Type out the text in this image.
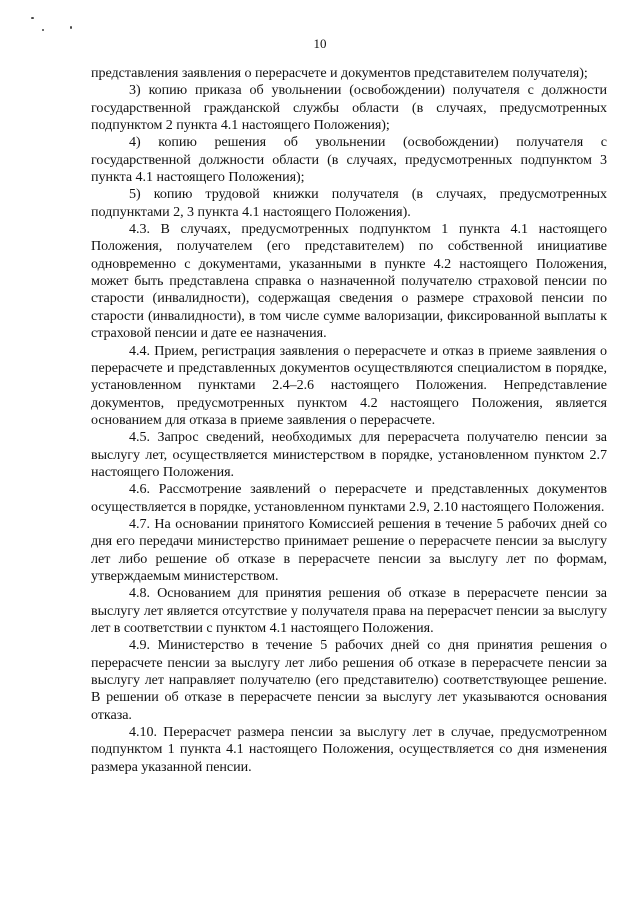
10

представления заявления о перерасчете и документов представителем получателя);

3) копию приказа об увольнении (освобождении) получателя с должности государственной гражданской службы области (в случаях, предусмотренных подпунктом 2 пункта 4.1 настоящего Положения);

4) копию решения об увольнении (освобождении) получателя с государственной должности области (в случаях, предусмотренных подпунктом 3 пункта 4.1 настоящего Положения);

5) копию трудовой книжки получателя (в случаях, предусмотренных подпунктами 2, 3 пункта 4.1 настоящего Положения).

4.3. В случаях, предусмотренных подпунктом 1 пункта 4.1 настоящего Положения, получателем (его представителем) по собственной инициативе одновременно с документами, указанными в пункте 4.2 настоящего Положения, может быть представлена справка о назначенной получателю страховой пенсии по старости (инвалидности), содержащая сведения о размере страховой пенсии по старости (инвалидности), в том числе сумме валоризации, фиксированной выплаты к страховой пенсии и дате ее назначения.

4.4. Прием, регистрация заявления о перерасчете и отказ в приеме заявления о перерасчете и представленных документов осуществляются специалистом в порядке, установленном пунктами 2.4–2.6 настоящего Положения. Непредставление документов, предусмотренных пунктом 4.2 настоящего Положения, является основанием для отказа в приеме заявления о перерасчете.

4.5. Запрос сведений, необходимых для перерасчета получателю пенсии за выслугу лет, осуществляется министерством в порядке, установленном пунктом 2.7 настоящего Положения.

4.6. Рассмотрение заявлений о перерасчете и представленных документов осуществляется в порядке, установленном пунктами 2.9, 2.10 настоящего Положения.

4.7. На основании принятого Комиссией решения в течение 5 рабочих дней со дня его передачи министерство принимает решение о перерасчете пенсии за выслугу лет либо решение об отказе в перерасчете пенсии за выслугу лет по формам, утверждаемым министерством.

4.8. Основанием для принятия решения об отказе в перерасчете пенсии за выслугу лет является отсутствие у получателя права на перерасчет пенсии за выслугу лет в соответствии с пунктом 4.1 настоящего Положения.

4.9. Министерство в течение 5 рабочих дней со дня принятия решения о перерасчете пенсии за выслугу лет либо решения об отказе в перерасчете пенсии за выслугу лет направляет получателю (его представителю) соответствующее решение. В решении об отказе в перерасчете пенсии за выслугу лет указываются основания отказа.

4.10. Перерасчет размера пенсии за выслугу лет в случае, предусмотренном подпунктом 1 пункта 4.1 настоящего Положения, осуществляется со дня изменения размера указанной пенсии.
